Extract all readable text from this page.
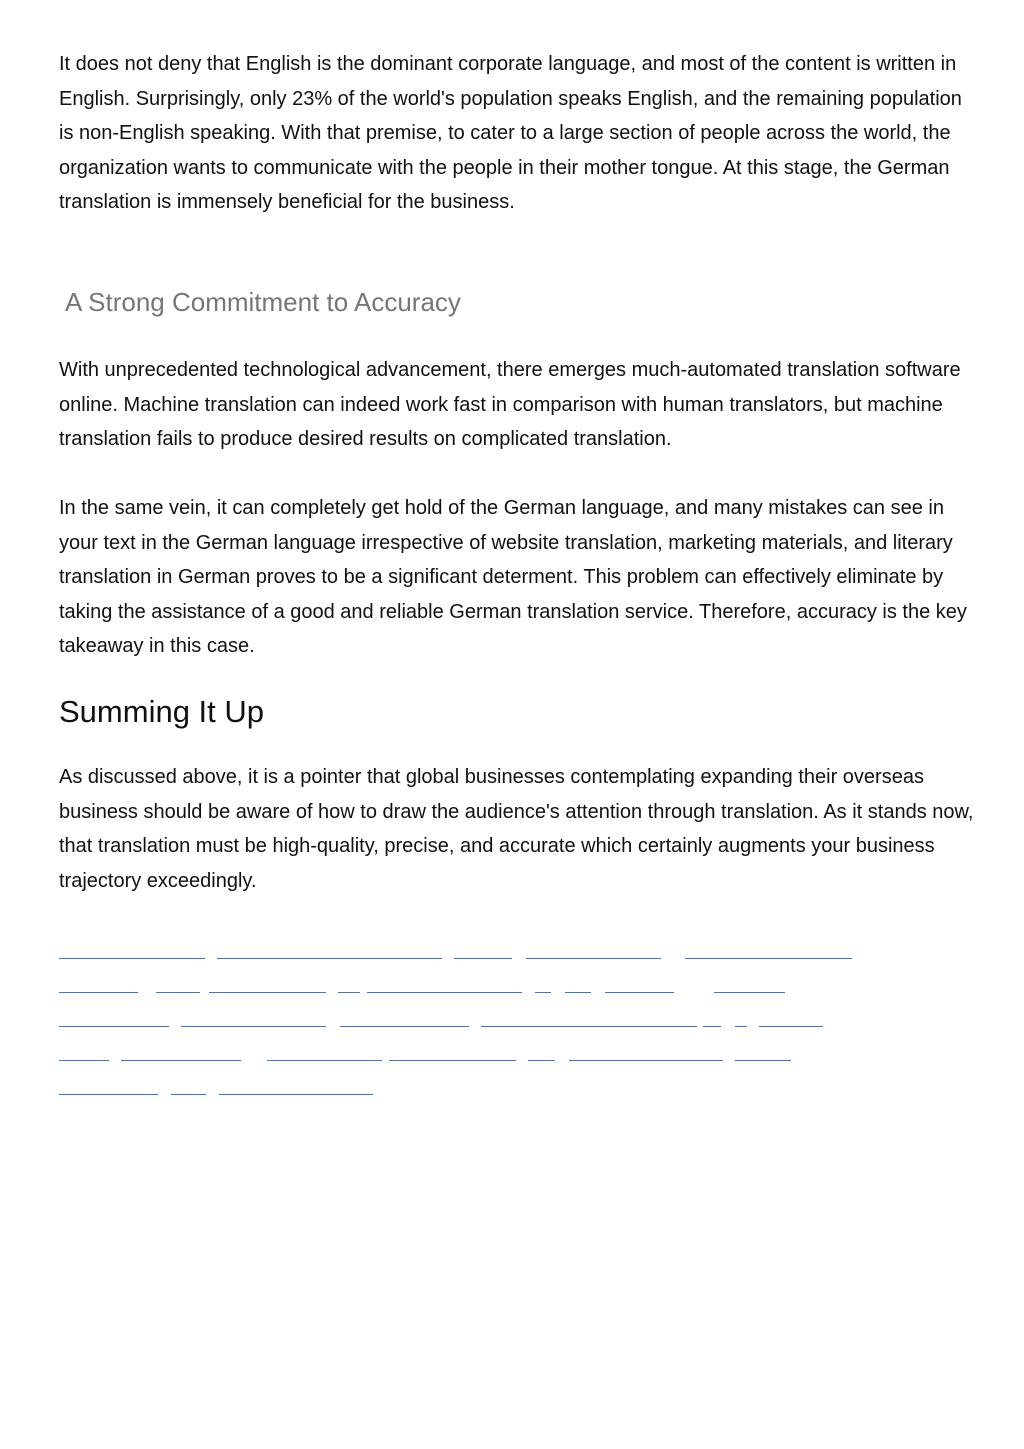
It does not deny that English is the dominant corporate language, and most of the content is written in English. Surprisingly, only 23% of the world's population speaks English, and the remaining population is non-English speaking. With that premise, to cater to a large section of people across the world, the organization wants to communicate with the people in their mother tongue. At this stage, the German translation is immensely beneficial for the business.

A Strong Commitment to Accuracy

With unprecedented technological advancement, there emerges much-automated translation software online. Machine translation can indeed work fast in comparison with human translators, but machine translation fails to produce desired results on complicated translation.

In the same vein, it can completely get hold of the German language, and many mistakes can see in your text in the German language irrespective of website translation, marketing materials, and literary translation in German proves to be a significant determent. This problem can effectively eliminate by taking the assistance of a good and reliable German translation service. Therefore, accuracy is the key takeaway in this case.

Summing It Up

As discussed above, it is a pointer that global businesses contemplating expanding their overseas business should be aware of how to draw the audience's attention through translation. As it stands now, that translation must be high-quality, precise, and accurate which certainly augments your business trajectory exceedingly.
